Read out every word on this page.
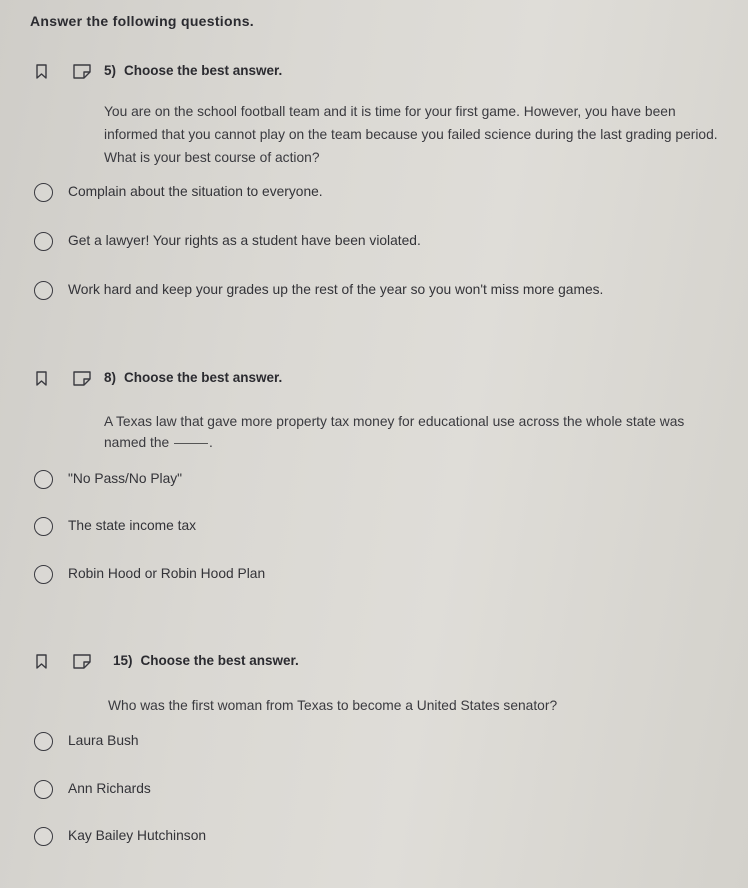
Answer the following questions.
5) Choose the best answer.
You are on the school football team and it is time for your first game. However, you have been informed that you cannot play on the team because you failed science during the last grading period. What is your best course of action?
Complain about the situation to everyone.
Get a lawyer! Your rights as a student have been violated.
Work hard and keep your grades up the rest of the year so you won't miss more games.
8) Choose the best answer.
A Texas law that gave more property tax money for educational use across the whole state was named the	.
"No Pass/No Play"
The state income tax
Robin Hood or Robin Hood Plan
15) Choose the best answer.
Who was the first woman from Texas to become a United States senator?
Laura Bush
Ann Richards
Kay Bailey Hutchinson
